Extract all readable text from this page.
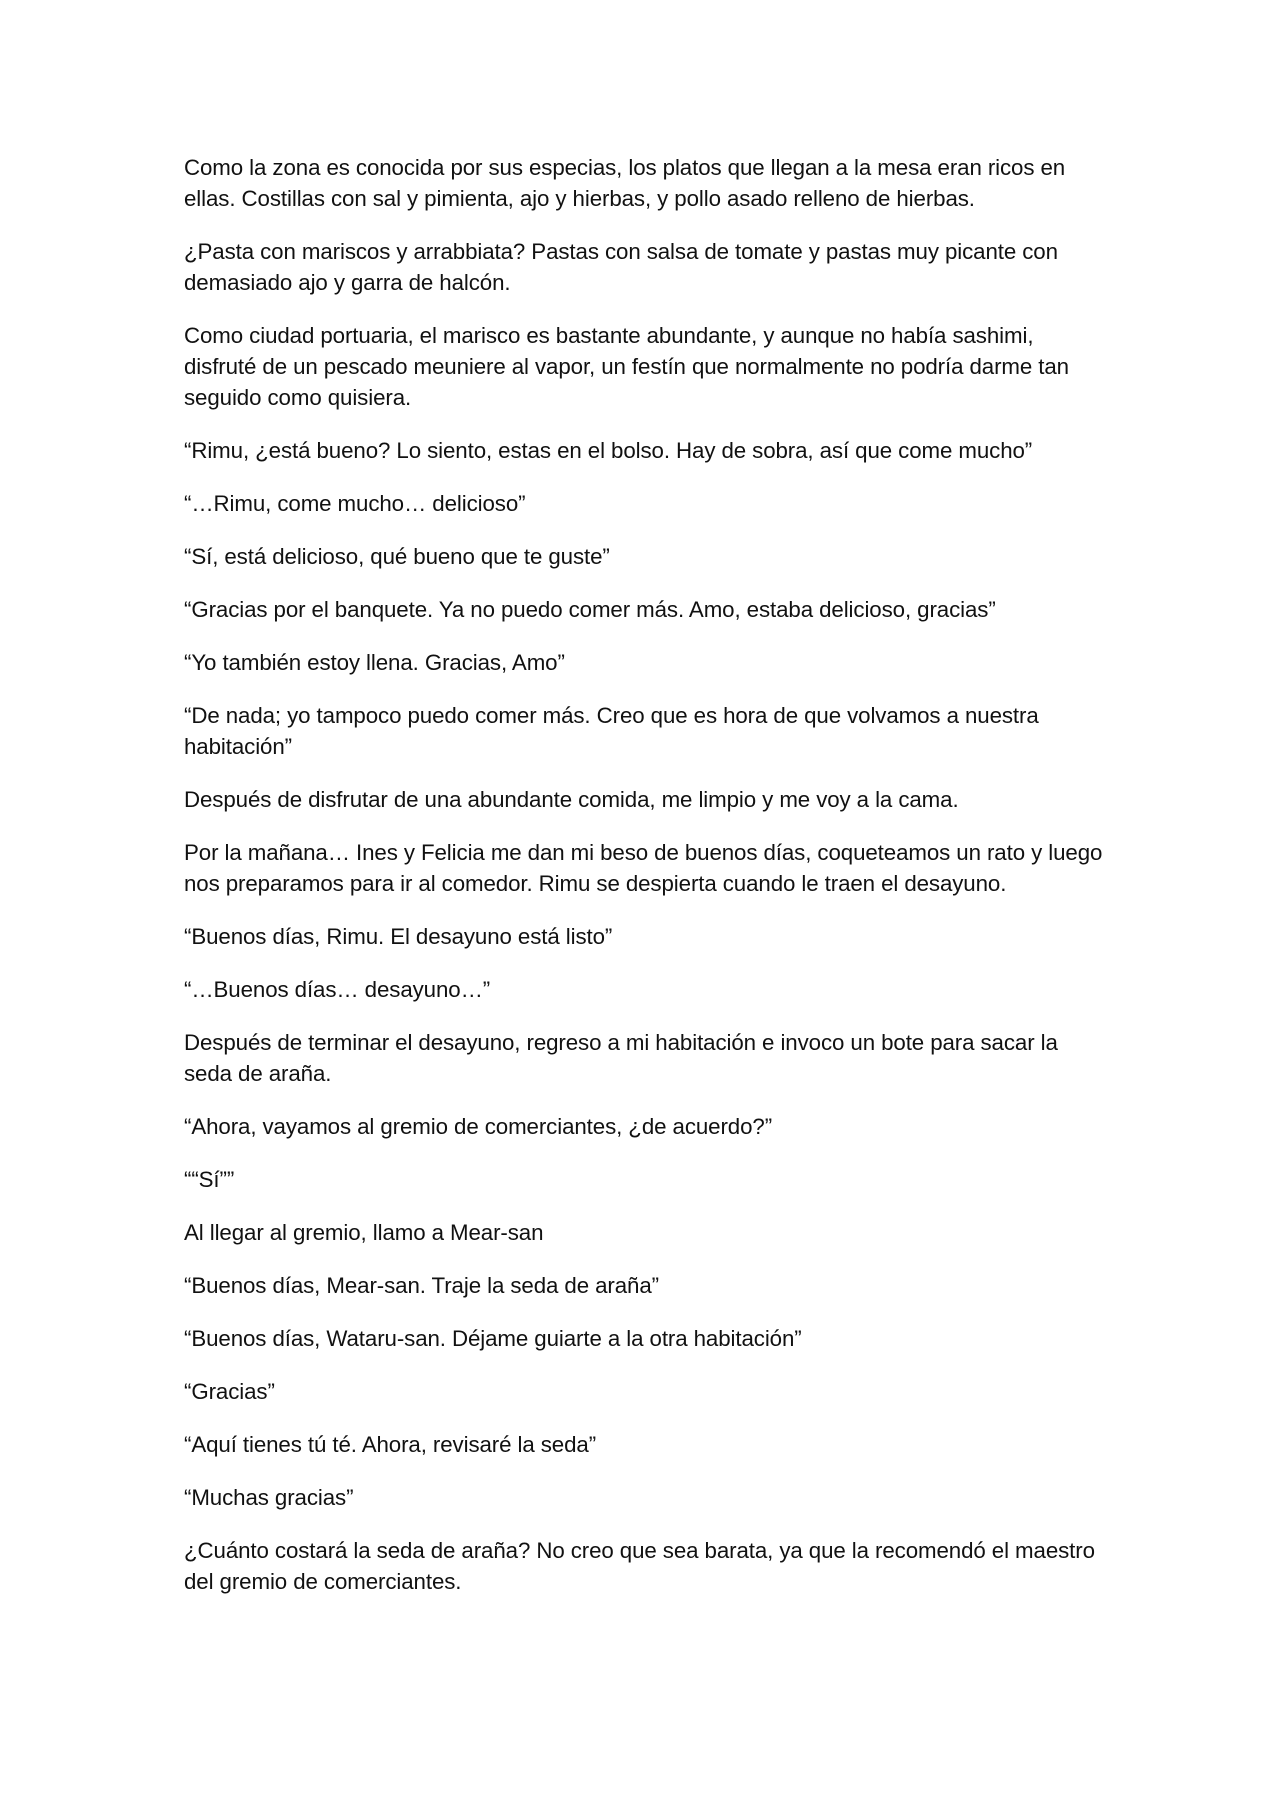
Como la zona es conocida por sus especias, los platos que llegan a la mesa eran ricos en ellas. Costillas con sal y pimienta, ajo y hierbas, y pollo asado relleno de hierbas.

¿Pasta con mariscos y arrabbiata? Pastas con salsa de tomate y pastas muy picante con demasiado ajo y garra de halcón.

Como ciudad portuaria, el marisco es bastante abundante, y aunque no había sashimi, disfruté de un pescado meuniere al vapor, un festín que normalmente no podría darme tan seguido como quisiera.

“Rimu, ¿está bueno? Lo siento, estas en el bolso. Hay de sobra, así que come mucho”

“…Rimu, come mucho… delicioso”

“Sí, está delicioso, qué bueno que te guste”

“Gracias por el banquete. Ya no puedo comer más. Amo, estaba delicioso, gracias”

“Yo también estoy llena. Gracias, Amo”

“De nada; yo tampoco puedo comer más. Creo que es hora de que volvamos a nuestra habitación”

Después de disfrutar de una abundante comida, me limpio y me voy a la cama.

Por la mañana… Ines y Felicia me dan mi beso de buenos días, coqueteamos un rato y luego nos preparamos para ir al comedor. Rimu se despierta cuando le traen el desayuno.

“Buenos días, Rimu. El desayuno está listo”

“…Buenos días… desayuno…”

Después de terminar el desayuno, regreso a mi habitación e invoco un bote para sacar la seda de araña.

“Ahora, vayamos al gremio de comerciantes, ¿de acuerdo?”

““Sí””

Al llegar al gremio, llamo a Mear-san

“Buenos días, Mear-san. Traje la seda de araña”

“Buenos días, Wataru-san. Déjame guiarte a la otra habitación”

“Gracias”

“Aquí tienes tú té. Ahora, revisaré la seda”

“Muchas gracias”

¿Cuánto costará la seda de araña? No creo que sea barata, ya que la recomendó el maestro del gremio de comerciantes.
